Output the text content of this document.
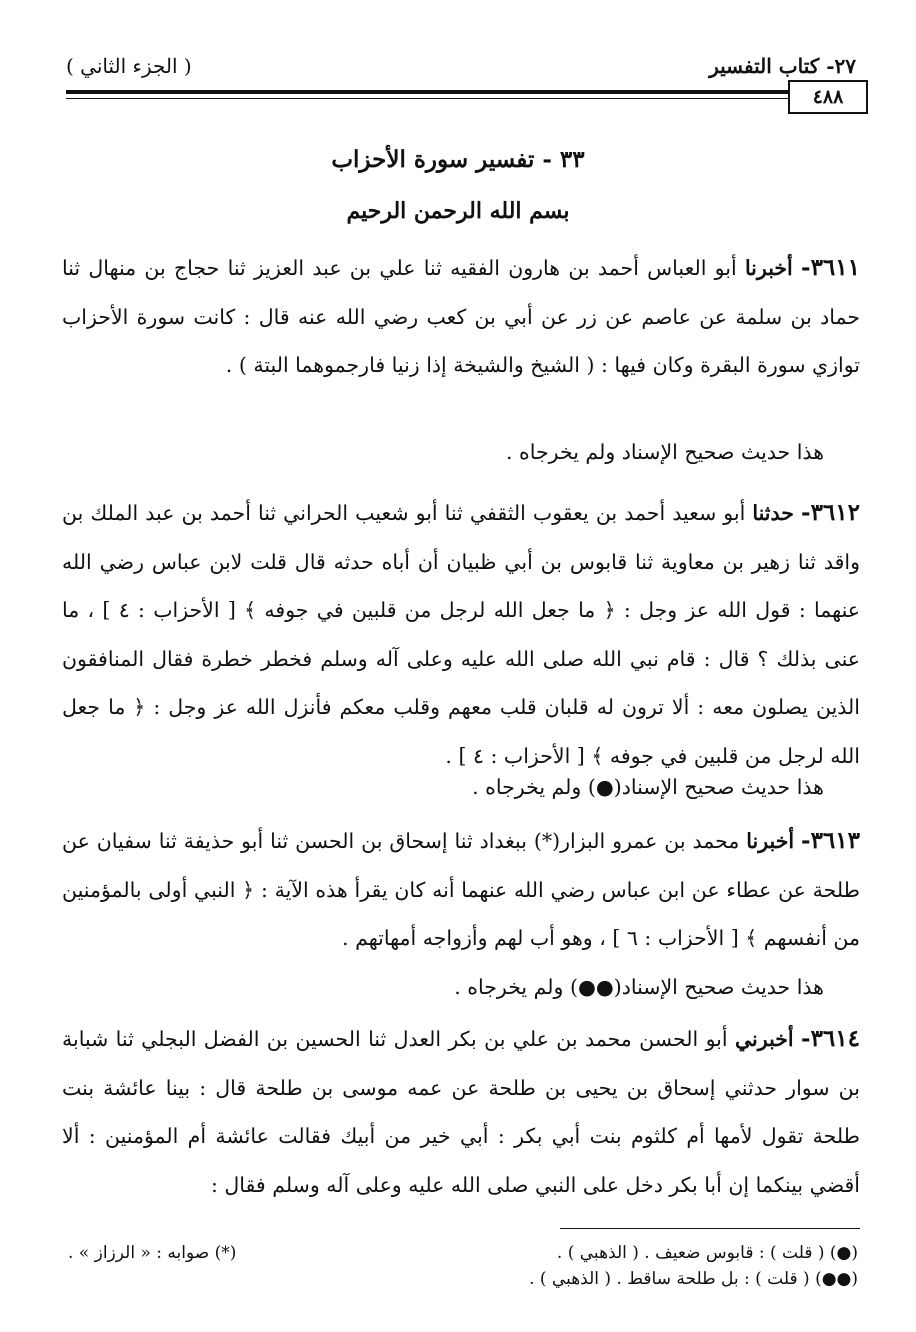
٢٧- كتاب التفسير
( الجزء الثاني )
٤٨٨
٣٣ - تفسير سورة الأحزاب
بسم الله الرحمن الرحيم
٣٦١١- أخبرنا أبو العباس أحمد بن هارون الفقيه ثنا علي بن عبد العزيز ثنا حجاج بن منهال ثنا حماد بن سلمة عن عاصم عن زر عن أبي بن كعب رضي الله عنه قال : كانت سورة الأحزاب توازي سورة البقرة وكان فيها : ( الشيخ والشيخة إذا زنيا فارجموهما البتة ) .
هذا حديث صحيح الإسناد ولم يخرجاه .
٣٦١٢- حدثنا أبو سعيد أحمد بن يعقوب الثقفي ثنا أبو شعيب الحراني ثنا أحمد بن عبد الملك بن واقد ثنا زهير بن معاوية ثنا قابوس بن أبي ظبيان أن أباه حدثه قال قلت لابن عباس رضي الله عنهما : قول الله عز وجل : ﴿ ما جعل الله لرجل من قلبين في جوفه ﴾ [ الأحزاب : ٤ ] ، ما عنى بذلك ؟ قال : قام نبي الله صلى الله عليه وعلى آله وسلم فخطر خطرة فقال المنافقون الذين يصلون معه : ألا ترون له قلبان قلب معهم وقلب معكم فأنزل الله عز وجل : ﴿ ما جعل الله لرجل من قلبين في جوفه ﴾ [ الأحزاب : ٤ ] .
هذا حديث صحيح الإسناد(●) ولم يخرجاه .
٣٦١٣- أخبرنا محمد بن عمرو البزار(*) ببغداد ثنا إسحاق بن الحسن ثنا أبو حذيفة ثنا سفيان عن طلحة عن عطاء عن ابن عباس رضي الله عنهما أنه كان يقرأ هذه الآية : ﴿ النبي أولى بالمؤمنين من أنفسهم ﴾ [ الأحزاب : ٦ ] ، وهو أب لهم وأزواجه أمهاتهم .
هذا حديث صحيح الإسناد(●●) ولم يخرجاه .
٣٦١٤- أخبرني أبو الحسن محمد بن علي بن بكر العدل ثنا الحسين بن الفضل البجلي ثنا شبابة بن سوار حدثني إسحاق بن يحيى بن طلحة عن عمه موسى بن طلحة قال : بينا عائشة بنت طلحة تقول لأمها أم كلثوم بنت أبي بكر : أبي خير من أبيك فقالت عائشة أم المؤمنين : ألا أقضي بينكما إن أبا بكر دخل على النبي صلى الله عليه وعلى آله وسلم فقال :
(●) ( قلت ) : قابوس ضعيف . ( الذهبي ) .
(●●) ( قلت ) : بل طلحة ساقط . ( الذهبي ) .
(*) صوابه : « الرزاز » .
